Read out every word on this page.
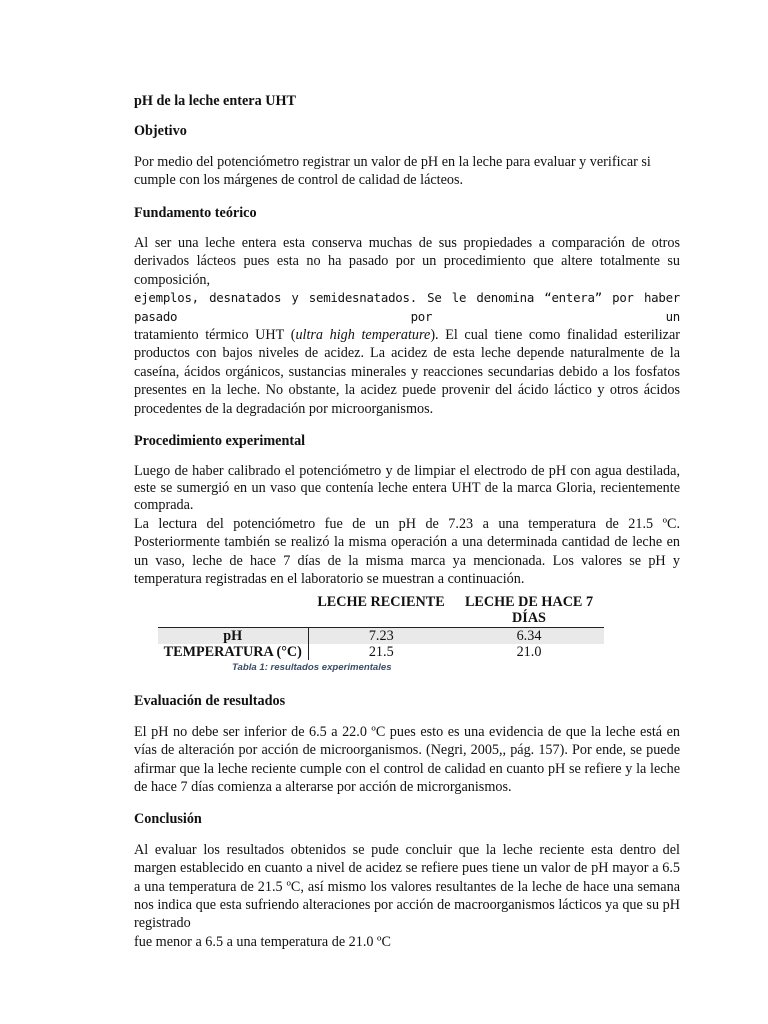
pH de la leche entera UHT

Objetivo

Por medio del potenciómetro registrar un valor de pH en la leche para evaluar y verificar si cumple con los márgenes de control de calidad de lácteos.

Fundamento teórico

Al ser una leche entera esta conserva muchas de sus propiedades a comparación de otros derivados lácteos pues esta no ha pasado por un procedimiento que altere totalmente su composición,

ejemplos, desnatados y semidesnatados. Se le denomina “entera” por haber pasado por un

tratamiento térmico UHT (ultra high temperature). El cual tiene como finalidad esterilizar

productos con bajos niveles de acidez. La acidez de esta leche depende naturalmente de la caseína, ácidos orgánicos, sustancias minerales y reacciones secundarias debido a los fosfatos presentes en la leche. No obstante, la acidez puede provenir del ácido láctico y otros ácidos procedentes de la degradación por microorganismos.

Procedimiento experimental

Luego de haber calibrado el potenciómetro y de limpiar el electrodo de pH con agua destilada, este se sumergió en un vaso que contenía leche entera UHT de la marca Gloria, recientemente comprada.

La lectura del potenciómetro fue de un pH de 7.23 a una temperatura de 21.5 ºC. Posteriormente también se realizó la misma operación a una determinada cantidad de leche en un vaso, leche de hace 7 días de la misma marca ya mencionada. Los valores se pH y temperatura registradas en el laboratorio se muestran a continuación.

	LECHE RECIENTE	LECHE DE HACE 7 DÍAS
pH	7.23	6.34
TEMPERATURA (°C)	21.5	21.0

Tabla 1: resultados experimentales

Evaluación de resultados

El pH no debe ser inferior de 6.5 a 22.0 ºC pues esto es una evidencia de que la leche está en vías de alteración por acción de microorganismos. (Negri, 2005,, pág. 157). Por ende, se puede afirmar que la leche reciente cumple con el control de calidad en cuanto pH se refiere y la leche de hace 7 días comienza a alterarse por acción de microrganismos.

Conclusión

Al evaluar los resultados obtenidos se pude concluir que la leche reciente esta dentro del margen establecido en cuanto a nivel de acidez se refiere pues tiene un valor de pH mayor a 6.5 a una temperatura de 21.5 ºC, así mismo los valores resultantes de la leche de hace una semana nos indica que esta sufriendo alteraciones por acción de macroorganismos lácticos ya que su pH registrado

fue menor a 6.5 a una temperatura de 21.0 ºC
